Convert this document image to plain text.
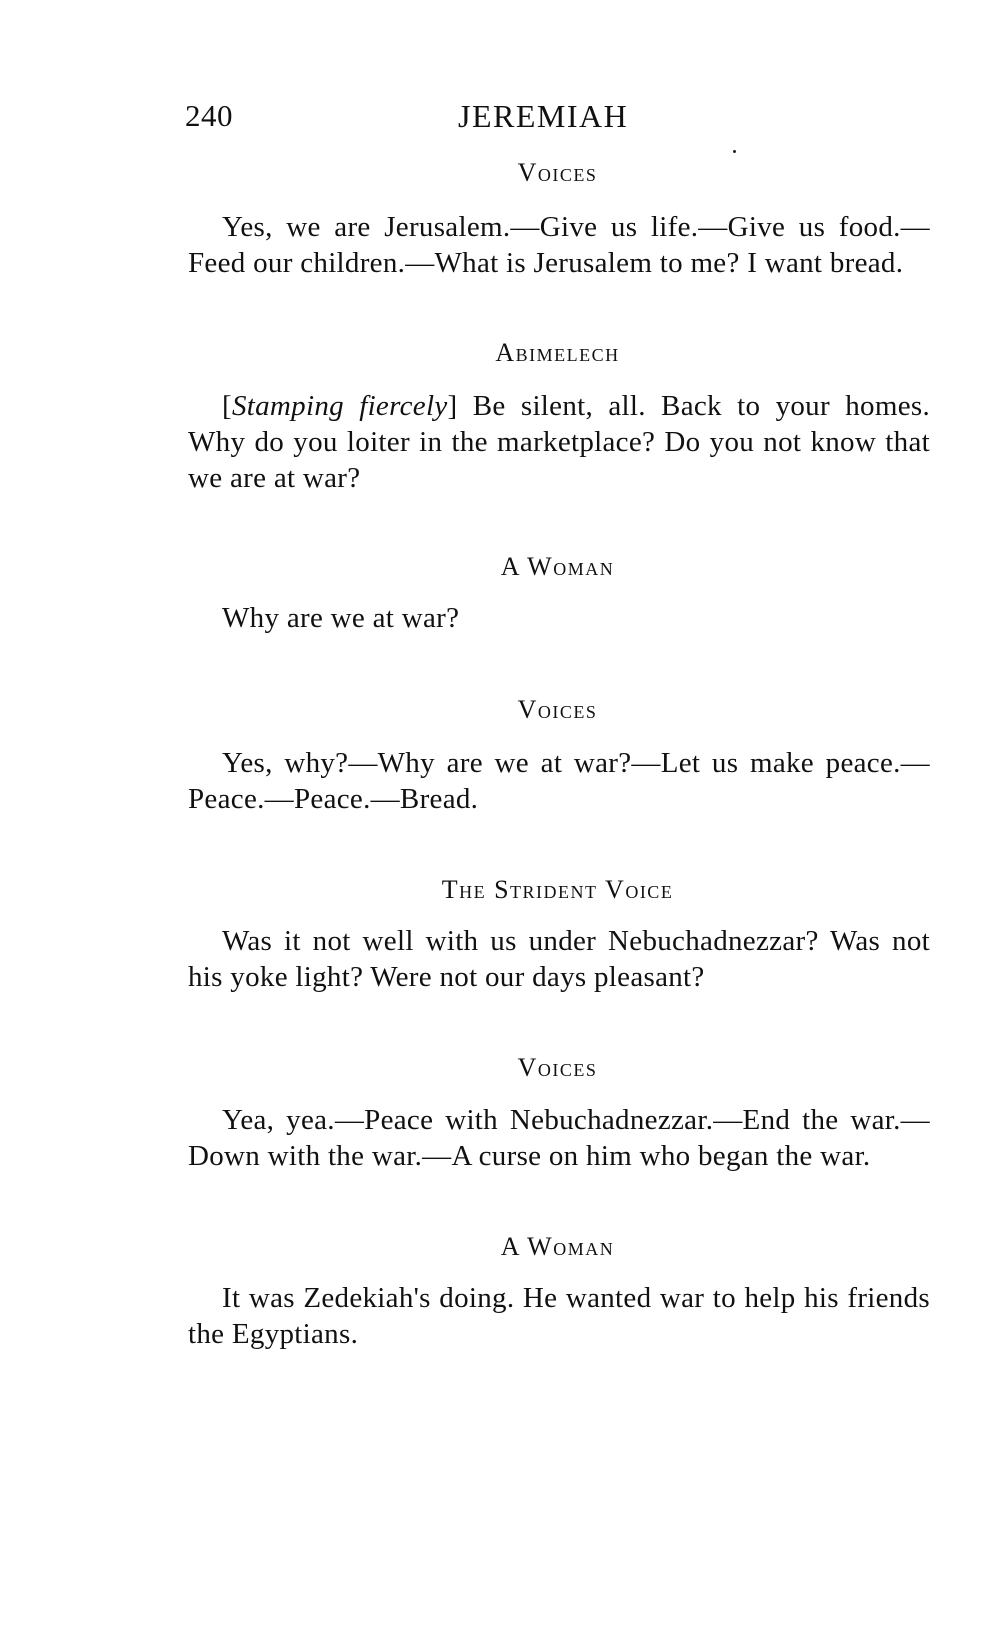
240	JEREMIAH
Voices
Yes, we are Jerusalem.—Give us life.—Give us food.—Feed our children.—What is Jerusalem to me? I want bread.
Abimelech
[Stamping fiercely] Be silent, all. Back to your homes. Why do you loiter in the marketplace? Do you not know that we are at war?
A Woman
Why are we at war?
Voices
Yes, why?—Why are we at war?—Let us make peace.—Peace.—Peace.—Bread.
The Strident Voice
Was it not well with us under Nebuchadnezzar? Was not his yoke light? Were not our days pleasant?
Voices
Yea, yea.—Peace with Nebuchadnezzar.—End the war.—Down with the war.—A curse on him who began the war.
A Woman
It was Zedekiah's doing. He wanted war to help his friends the Egyptians.
